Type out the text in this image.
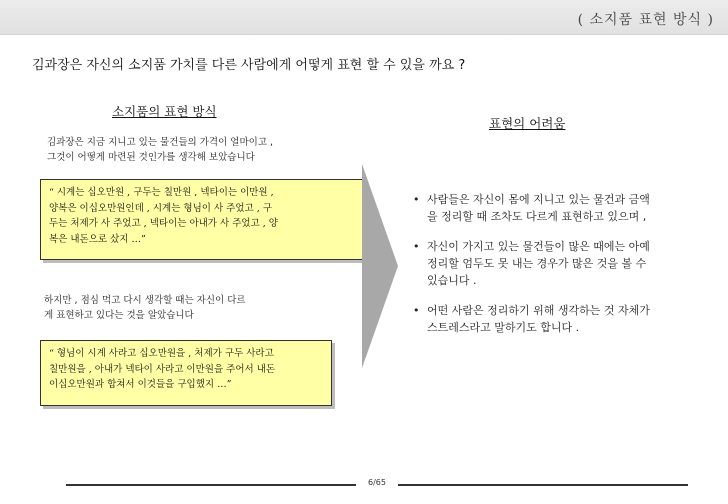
( 소지품 표현 방식 )
김과장은 자신의 소지품 가치를 다른 사람에게 어떻게 표현 할 수 있을 까요 ?
소지품의 표현 방식
표현의 어려움
김과장은 지금 지니고 있는 물건들의 가격이 얼마이고 ,
그것이 어떻게 마련된 것인가를 생각해 보았습니다
“ 시계는 십오만원 , 구두는 칠만원 , 넥타이는 이만원 ,
양복은 이십오만원인데 , 시계는 형님이 사 주었고 , 구
두는 처제가 사 주었고 , 넥타이는 아내가 사 주었고 , 양
복은 내돈으로 샀지 …”
하지만 , 점심 먹고 다시 생각할 때는 자신이 다르
게 표현하고 있다는 것을 알았습니다
“ 형님이 시계 사라고 십오만원을 , 처제가 구두 사라고
칠만원을 , 아내가 넥타이 사라고 이만원을 주어서 내돈
이십오만원과 합쳐서 이것들을 구입했지 …”
• 사람들은 자신이 몸에 지니고 있는 물건과 금액
을 정리할 때 조차도 다르게 표현하고 있으며 ,
• 자신이 가지고 있는 물건들이 많은 때에는 아예
정리할 엄두도 못 내는 경우가 많은 것을 볼 수
있습니다 .
• 어떤 사람은 정리하기 위해 생각하는 것 자체가
스트레스라고 말하기도 합니다 .
6/65
